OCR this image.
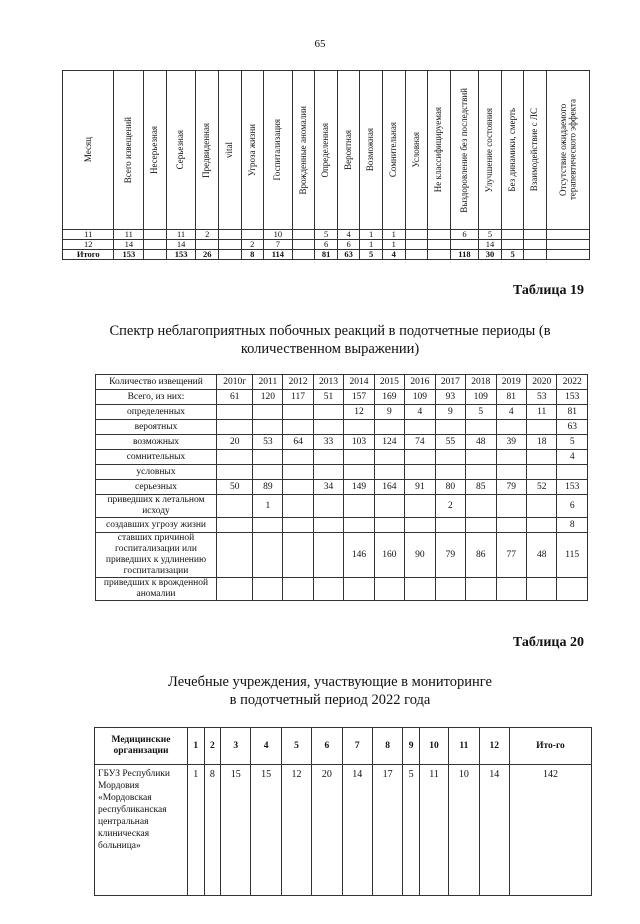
65
Месяц	Всего извещений	Несерьезная	Серьезная	Предвиденная	vital	Угроза жизни	Госпитализация	Врожденные аномалии	Определенная	Вероятная	Возможная	Сомнительная	Условная	Не классифицируемая	Выздоровление без последствий	Улучшение состояния	Без динамики, смерть	Взаимодействие с ЛС	Отсутствие ожидаемого терапевтического эффекта

11	11		11	2			10		5	4	1	1			6	5			
12	14		14			2	7		6	6	1	1				14			
Итого	153		153	26		8	114		81	63	5	4			118	30	5		
Таблица 19
Спектр неблагоприятных побочных реакций в подотчетные периоды (в количественном выражении)
Количество извещений	2010г	2011	2012	2013	2014	2015	2016	2017	2018	2019	2020	2022
Всего, из них:	61	120	117	51	157	169	109	93	109	81	53	153
определенных					12	9	4	9	5	4	11	81
вероятных												63
возможных	20	53	64	33	103	124	74	55	48	39	18	5
сомнительных												4
условных												
серьезных	50	89		34	149	164	91	80	85	79	52	153
приведших к летальном исходу		1						2				6
создавших угрозу жизни												8
ставших причиной госпитализации или приведших к удлинению госпитализации					146	160	90	79	86	77	48	115
приведших к врожденной аномалии												
Таблица 20
Лечебные учреждения, участвующие в мониторинге
в подотчетный период 2022 года
Медицинские организации	1	2	3	4	5	6	7	8	9	10	11	12	Ито-го
ГБУЗ Республики Мордовия «Мордовская республиканская центральная клиническая больница»	1	8	15	15	12	20	14	17	5	11	10	14	142
